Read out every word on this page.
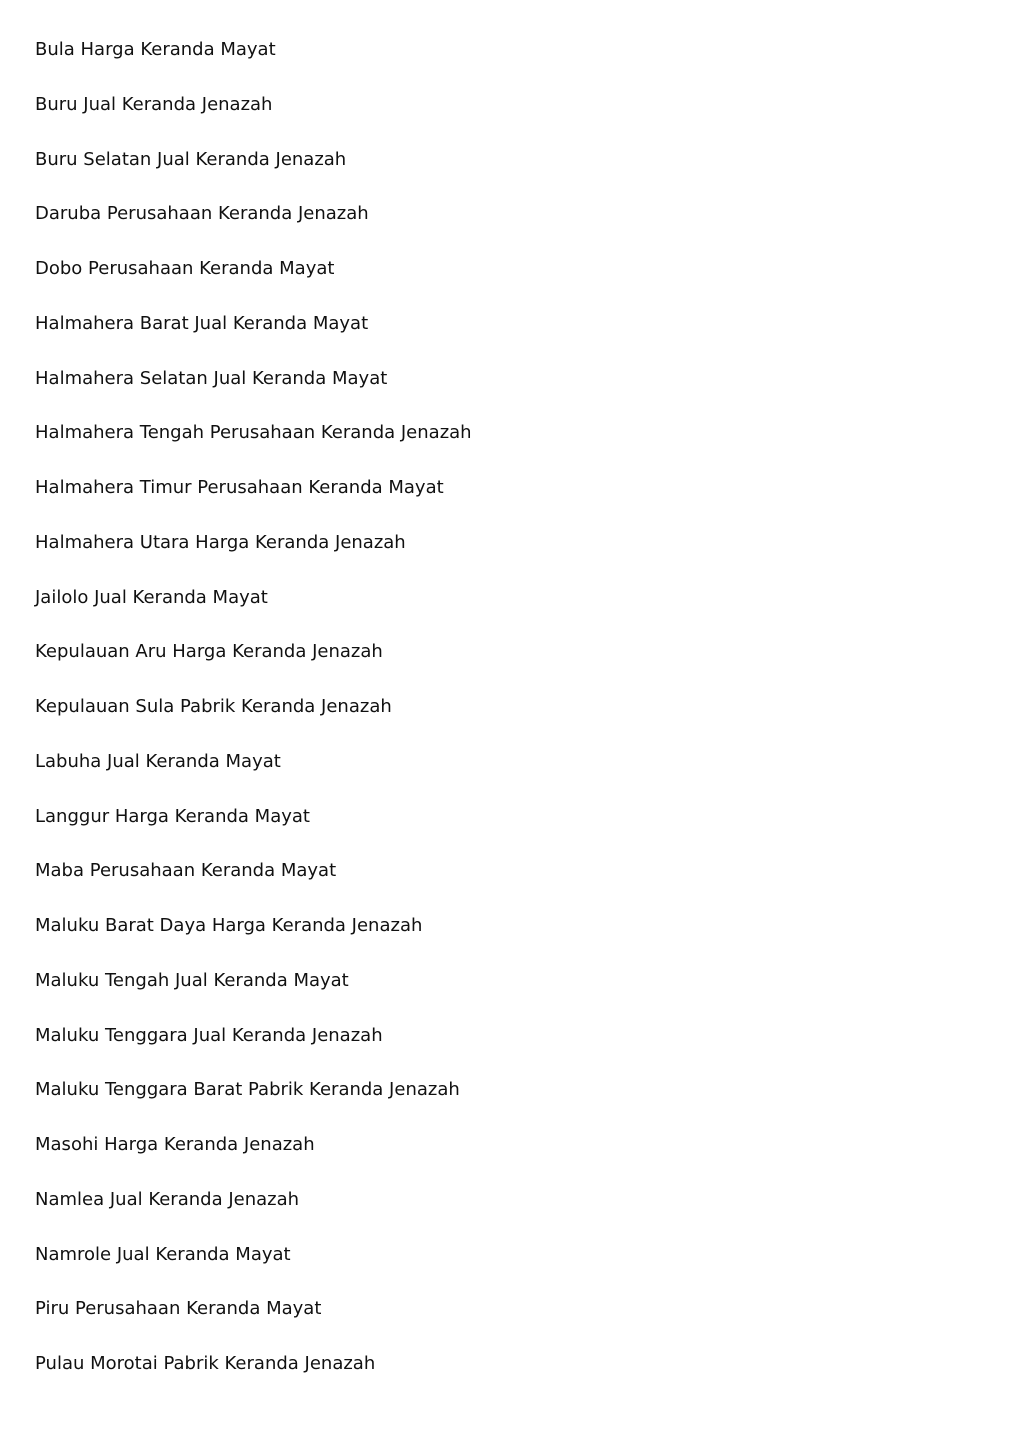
Bula Harga Keranda Mayat
Buru Jual Keranda Jenazah
Buru Selatan Jual Keranda Jenazah
Daruba Perusahaan Keranda Jenazah
Dobo Perusahaan Keranda Mayat
Halmahera Barat Jual Keranda Mayat
Halmahera Selatan Jual Keranda Mayat
Halmahera Tengah Perusahaan Keranda Jenazah
Halmahera Timur Perusahaan Keranda Mayat
Halmahera Utara Harga Keranda Jenazah
Jailolo Jual Keranda Mayat
Kepulauan Aru Harga Keranda Jenazah
Kepulauan Sula Pabrik Keranda Jenazah
Labuha Jual Keranda Mayat
Langgur Harga Keranda Mayat
Maba Perusahaan Keranda Mayat
Maluku Barat Daya Harga Keranda Jenazah
Maluku Tengah Jual Keranda Mayat
Maluku Tenggara Jual Keranda Jenazah
Maluku Tenggara Barat Pabrik Keranda Jenazah
Masohi Harga Keranda Jenazah
Namlea Jual Keranda Jenazah
Namrole Jual Keranda Mayat
Piru Perusahaan Keranda Mayat
Pulau Morotai Pabrik Keranda Jenazah
